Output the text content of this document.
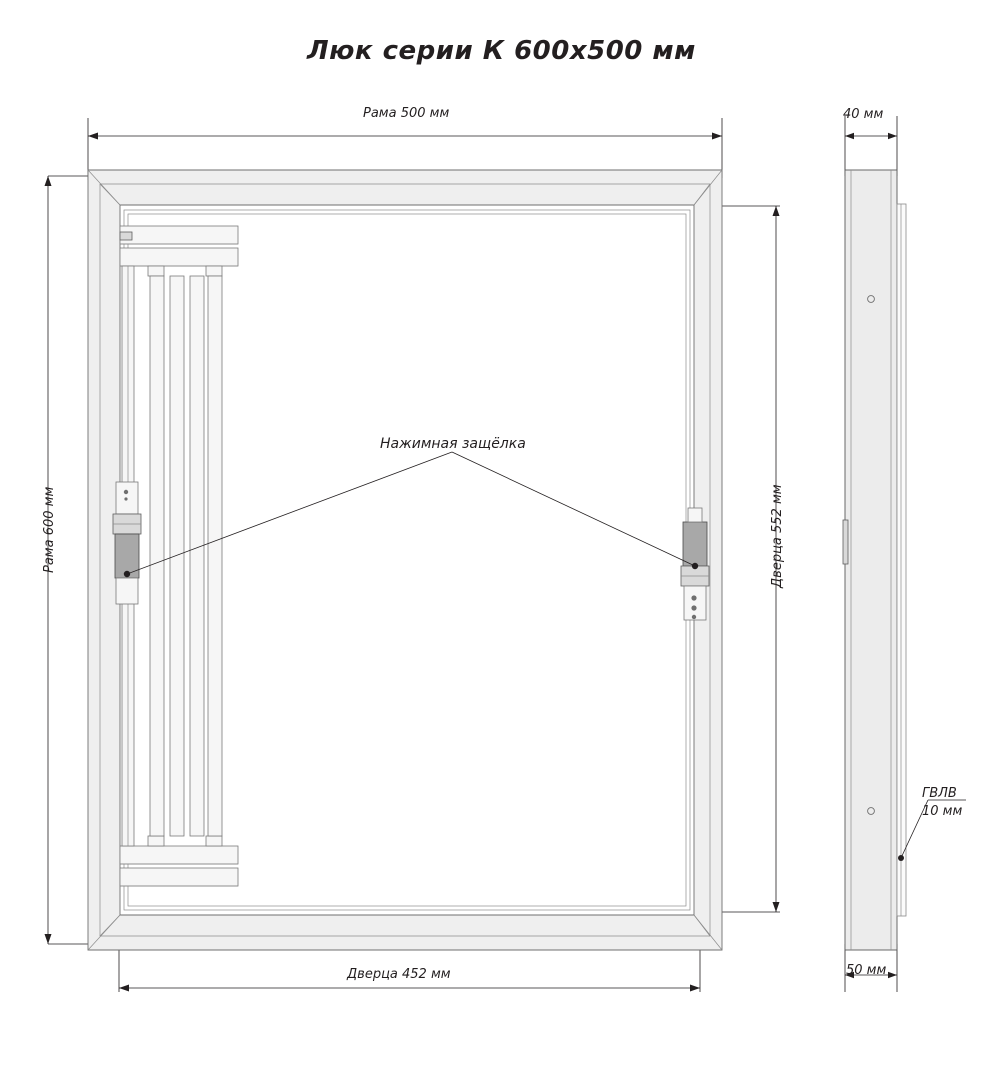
Люк серии К 600x500 мм
Рама 500 мм
Рама 600 мм	Дверца 552 мм
Дверца 452 мм
40 мм
50 мм
ГВЛВ
10 мм
Нажимная защёлка
